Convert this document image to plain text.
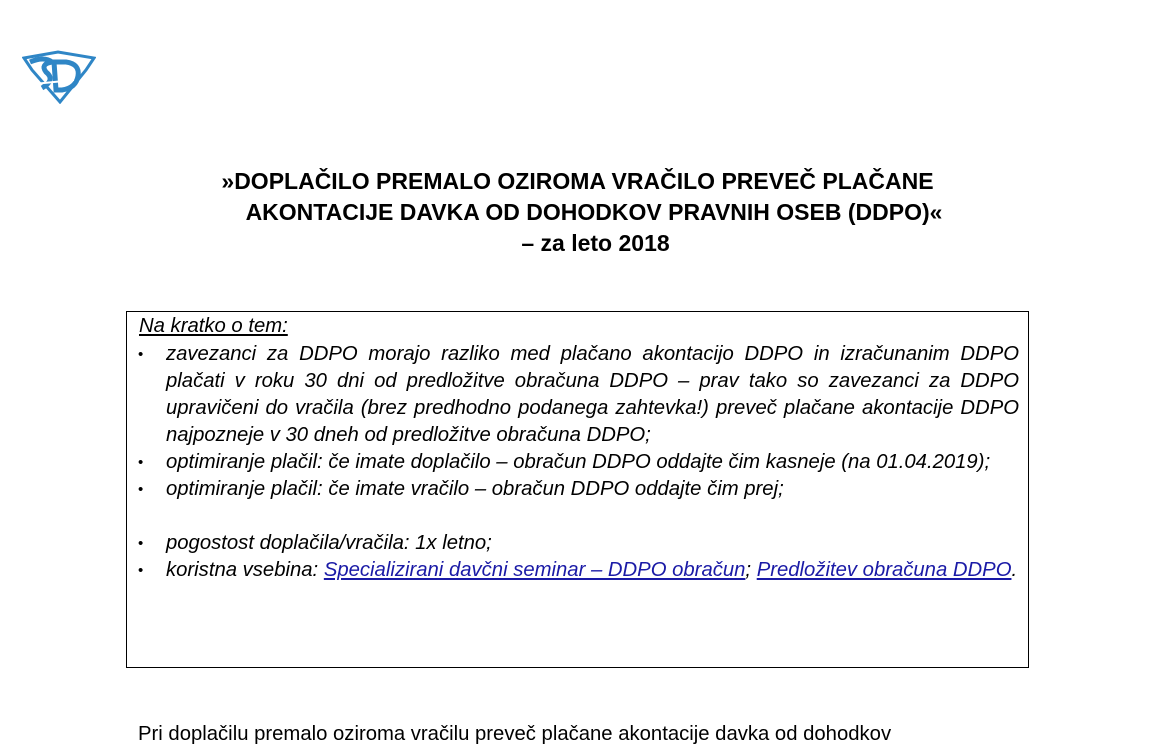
»DOPLAČILO PREMALO OZIROMA VRAČILO PREVEČ PLAČANE
AKONTACIJE DAVKA OD DOHODKOV PRAVNIH OSEB (DDPO)«
– za leto 2018
Na kratko o tem:
• zavezanci za DDPO morajo razliko med plačano akontacijo DDPO in izračunanim DDPO plačati v roku 30 dni od predložitve obračuna DDPO – prav tako so zavezanci za DDPO upravičeni do vračila (brez predhodno podanega zahtevka!) preveč plačane akontacije DDPO najpozneje v 30 dneh od predložitve obračuna DDPO;
• optimiranje plačil: če imate doplačilo – obračun DDPO oddajte čim kasneje (na 01.04.2019);
• optimiranje plačil: če imate vračilo – obračun DDPO oddajte čim prej;
• pogostost doplačila/vračila: 1x letno;
• koristna vsebina: Specializirani davčni seminar – DDPO obračun; Predložitev obračuna DDPO.
Pri doplačilu premalo oziroma vračilu preveč plačane akontacije davka od dohodkov
